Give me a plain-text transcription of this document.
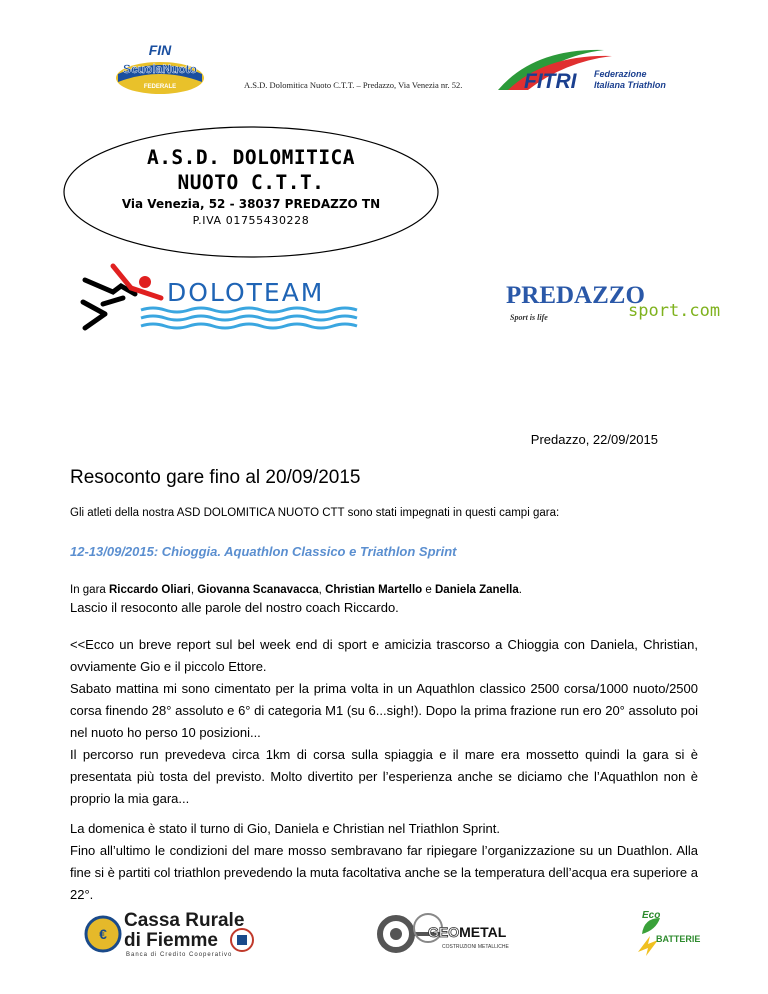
FIN
ScuolaNuoto
FEDERALE	A.S.D. Dolomitica Nuoto C.T.T. – Predazzo, Via Venezia nr. 52.	FITRI Federazione
Italiana Triathlon
A.S.D. DOLOMITICA
NUOTO C.T.T.
Via Venezia, 52 - 38037 PREDAZZO TN
P.IVA 01755430228
DOLOTEAM	PREDAZZO
sport.com
Sport is life
Predazzo, 22/09/2015
Resoconto gare fino al 20/09/2015
Gli atleti della nostra ASD DOLOMITICA NUOTO CTT sono stati impegnati in questi campi gara:
12-13/09/2015: Chioggia. Aquathlon Classico e Triathlon Sprint
In gara Riccardo Oliari, Giovanna Scanavacca, Christian Martello e Daniela Zanella.
Lascio il resoconto alle parole del nostro coach Riccardo.
<<Ecco un breve report sul bel week end di sport e amicizia trascorso a Chioggia con Daniela, Christian, ovviamente Gio e il piccolo Ettore.
Sabato mattina mi sono cimentato per la prima volta in un Aquathlon classico 2500 corsa/1000 nuoto/2500 corsa finendo 28° assoluto e 6° di categoria M1 (su 6...sigh!). Dopo la prima frazione run ero 20° assoluto poi nel nuoto ho perso 10 posizioni...
Il percorso run prevedeva circa 1km di corsa sulla spiaggia e il mare era mossetto quindi la gara si è presentata più tosta del previsto. Molto divertito per l’esperienza anche se diciamo che l’Aquathlon non è proprio la mia gara...
La domenica è stato il turno di Gio, Daniela e Christian nel Triathlon Sprint.
Fino all’ultimo le condizioni del mare mosso sembravano far ripiegare l’organizzazione su un Duathlon. Alla fine si è partiti col triathlon prevedendo la muta facoltativa anche se la temperatura dell’acqua era superiore a 22°.
€
Cassa Rurale
di Fiemme
Banca di Credito Cooperativo
GEOMETAL
COSTRUZIONI METALLICHE
Eco
BATTERIE
